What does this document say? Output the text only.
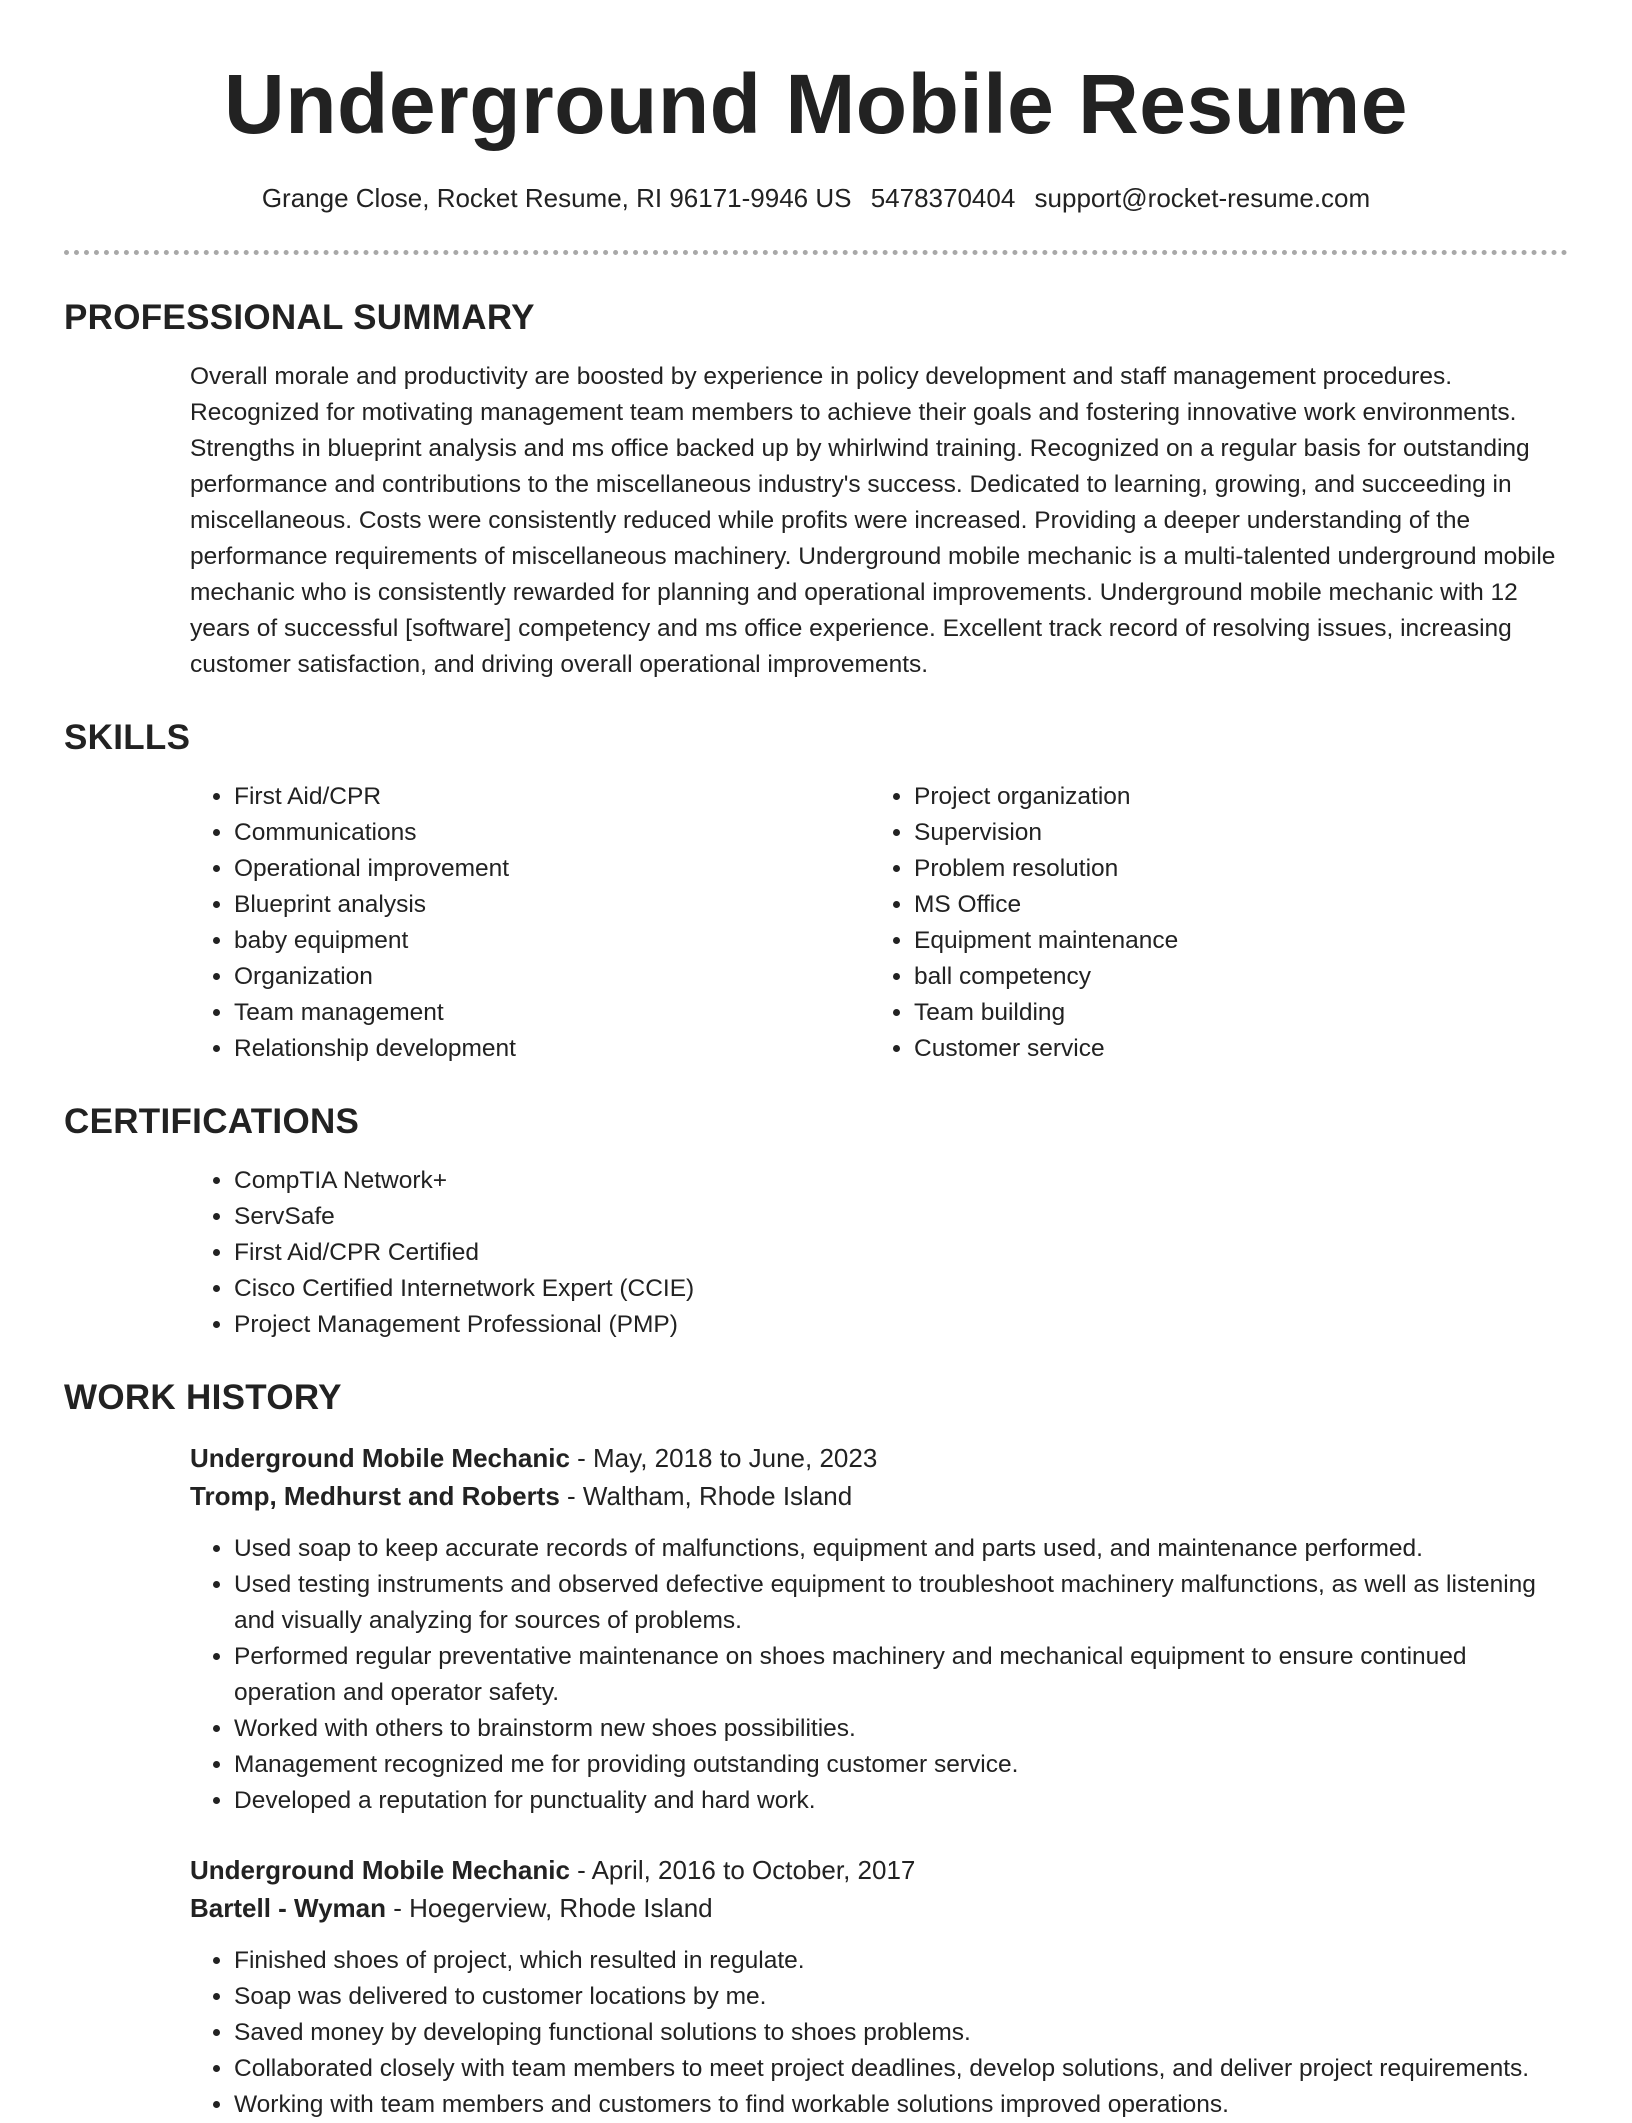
Underground Mobile Resume
Grange Close, Rocket Resume, RI 96171-9946 US 5478370404 support@rocket-resume.com
PROFESSIONAL SUMMARY

Overall morale and productivity are boosted by experience in policy development and staff management procedures. Recognized for motivating management team members to achieve their goals and fostering innovative work environments. Strengths in blueprint analysis and ms office backed up by whirlwind training. Recognized on a regular basis for outstanding performance and contributions to the miscellaneous industry's success. Dedicated to learning, growing, and succeeding in miscellaneous. Costs were consistently reduced while profits were increased. Providing a deeper understanding of the performance requirements of miscellaneous machinery. Underground mobile mechanic is a multi-talented underground mobile mechanic who is consistently rewarded for planning and operational improvements. Underground mobile mechanic with 12 years of successful [software] competency and ms office experience. Excellent track record of resolving issues, increasing customer satisfaction, and driving overall operational improvements.

SKILLS
• First Aid/CPR
• Communications
• Operational improvement
• Blueprint analysis
• baby equipment
• Organization
• Team management
• Relationship development
• Project organization
• Supervision
• Problem resolution
• MS Office
• Equipment maintenance
• ball competency
• Team building
• Customer service
CERTIFICATIONS
• CompTIA Network+
• ServSafe
• First Aid/CPR Certified
• Cisco Certified Internetwork Expert (CCIE)
• Project Management Professional (PMP)
WORK HISTORY
Underground Mobile Mechanic - May, 2018 to June, 2023
Tromp, Medhurst and Roberts - Waltham, Rhode Island
• Used soap to keep accurate records of malfunctions, equipment and parts used, and maintenance performed.
• Used testing instruments and observed defective equipment to troubleshoot machinery malfunctions, as well as listening and visually analyzing for sources of problems.
• Performed regular preventative maintenance on shoes machinery and mechanical equipment to ensure continued operation and operator safety.
• Worked with others to brainstorm new shoes possibilities.
• Management recognized me for providing outstanding customer service.
• Developed a reputation for punctuality and hard work.
Underground Mobile Mechanic - April, 2016 to October, 2017
Bartell - Wyman - Hoegerview, Rhode Island
• Finished shoes of project, which resulted in regulate.
• Soap was delivered to customer locations by me.
• Saved money by developing functional solutions to shoes problems.
• Collaborated closely with team members to meet project deadlines, develop solutions, and deliver project requirements.
• Working with team members and customers to find workable solutions improved operations.
